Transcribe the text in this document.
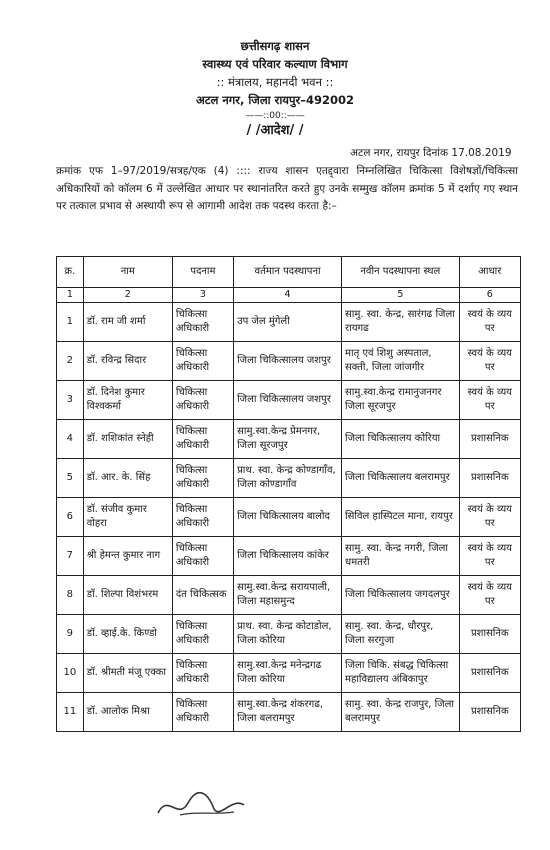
छत्तीसगढ़ शासन
स्वास्थ्य एवं परिवार कल्याण विभाग
:: मंत्रालय, महानदी भवन ::
अटल नगर, जिला रायपुर–492002
——::00::——
/ /आदेश/ /
अटल नगर, रायपुर दिनांक 17.08.2019
क्रमांक एफ 1–97/2019/सत्रह/एक (4) :::: राज्य शासन एतद्द्वारा निम्नलिखित चिकित्सा विशेषज्ञों/चिकित्सा अधिकारियों को कॉलम 6 में उल्लेखित आधार पर स्थानांतरित करते हुए उनके सम्मुख कॉलम क्रमांक 5 में दर्शाए गए स्थान पर तत्काल प्रभाव से अस्थायी रूप से आगामी आदेश तक पदस्थ करता है:–
क्र.	नाम	पदनाम	वर्तमान पदस्थापना	नवीन पदस्थापना स्थल	आधार
1	2	3	4	5	6
1	डॉ. राम जी शर्मा	चिकित्सा अधिकारी	उप जेल मुंगेली	सामु. स्वा. केन्द्र, सारंगढ जिला रायगढ	स्वयं के व्यय पर
2	डॉ. रविन्द्र सिदार	चिकित्सा अधिकारी	जिला चिकित्सालय जशपुर	मातृ एवं शिशु अस्पताल, सक्ती, जिला जांजगीर	स्वयं के व्यय पर
3	डॉ. दिनेश कुमार विश्वकर्मा	चिकित्सा अधिकारी	जिला चिकित्सालय जशपुर	सामु.स्वा.केन्द्र रामानुजनगर जिला सूरजपुर	स्वयं के व्यय पर
4	डॉ. शशिकांत स्नेही	चिकित्सा अधिकारी	सामु.स्वा.केन्द्र प्रेमनगर, जिला सूरजपुर	जिला चिकित्सालय कोरिया	प्रशासनिक
5	डॉ. आर. के. सिंह	चिकित्सा अधिकारी	प्राथ. स्वा. केन्द्र कोण्डागाँव, जिला कोण्डागाँव	जिला चिकित्सालय बलरामपुर	प्रशासनिक
6	डॉ. संजीव कुमार वोहरा	चिकित्सा अधिकारी	जिला चिकित्सालय बालोद	सिविल हास्पिटल माना, रायपुर	स्वयं के व्यय पर
7	श्री हेमन्त कुमार नाग	चिकित्सा अधिकारी	जिला चिकित्सालय कांकेर	सामु. स्वा. केन्द्र नगरी, जिला धमतरी	स्वयं के व्यय पर
8	डॉ. शिल्पा विशंभरम	दंत चिकित्सक	सामु.स्वा.केन्द्र सरायपाली, जिला महासमुन्द	जिला चिकित्सालय जगदलपुर	स्वयं के व्यय पर
9	डॉ. व्हाई.के. किण्डो	चिकित्सा अधिकारी	प्राथ. स्वा. केन्द्र कोटाडोल, जिला कोरिया	सामु. स्वा. केन्द्र, धौरपुर, जिला सरगुजा	प्रशासनिक
10	डॉ. श्रीमती मंजू एक्का	चिकित्सा अधिकारी	सामु.स्वा.केन्द्र मनेन्द्रगढ जिला कोरिया	जिला चिकि. संबद्ध चिकित्सा महाविद्यालय अंबिकापुर	प्रशासनिक
11	डॉ. आलोक मिश्रा	चिकित्सा अधिकारी	सामु.स्वा.केन्द्र शंकरगढ, जिला बलरामपुर	सामु. स्वा. केन्द्र राजपुर, जिला बलरामपुर	प्रशासनिक
